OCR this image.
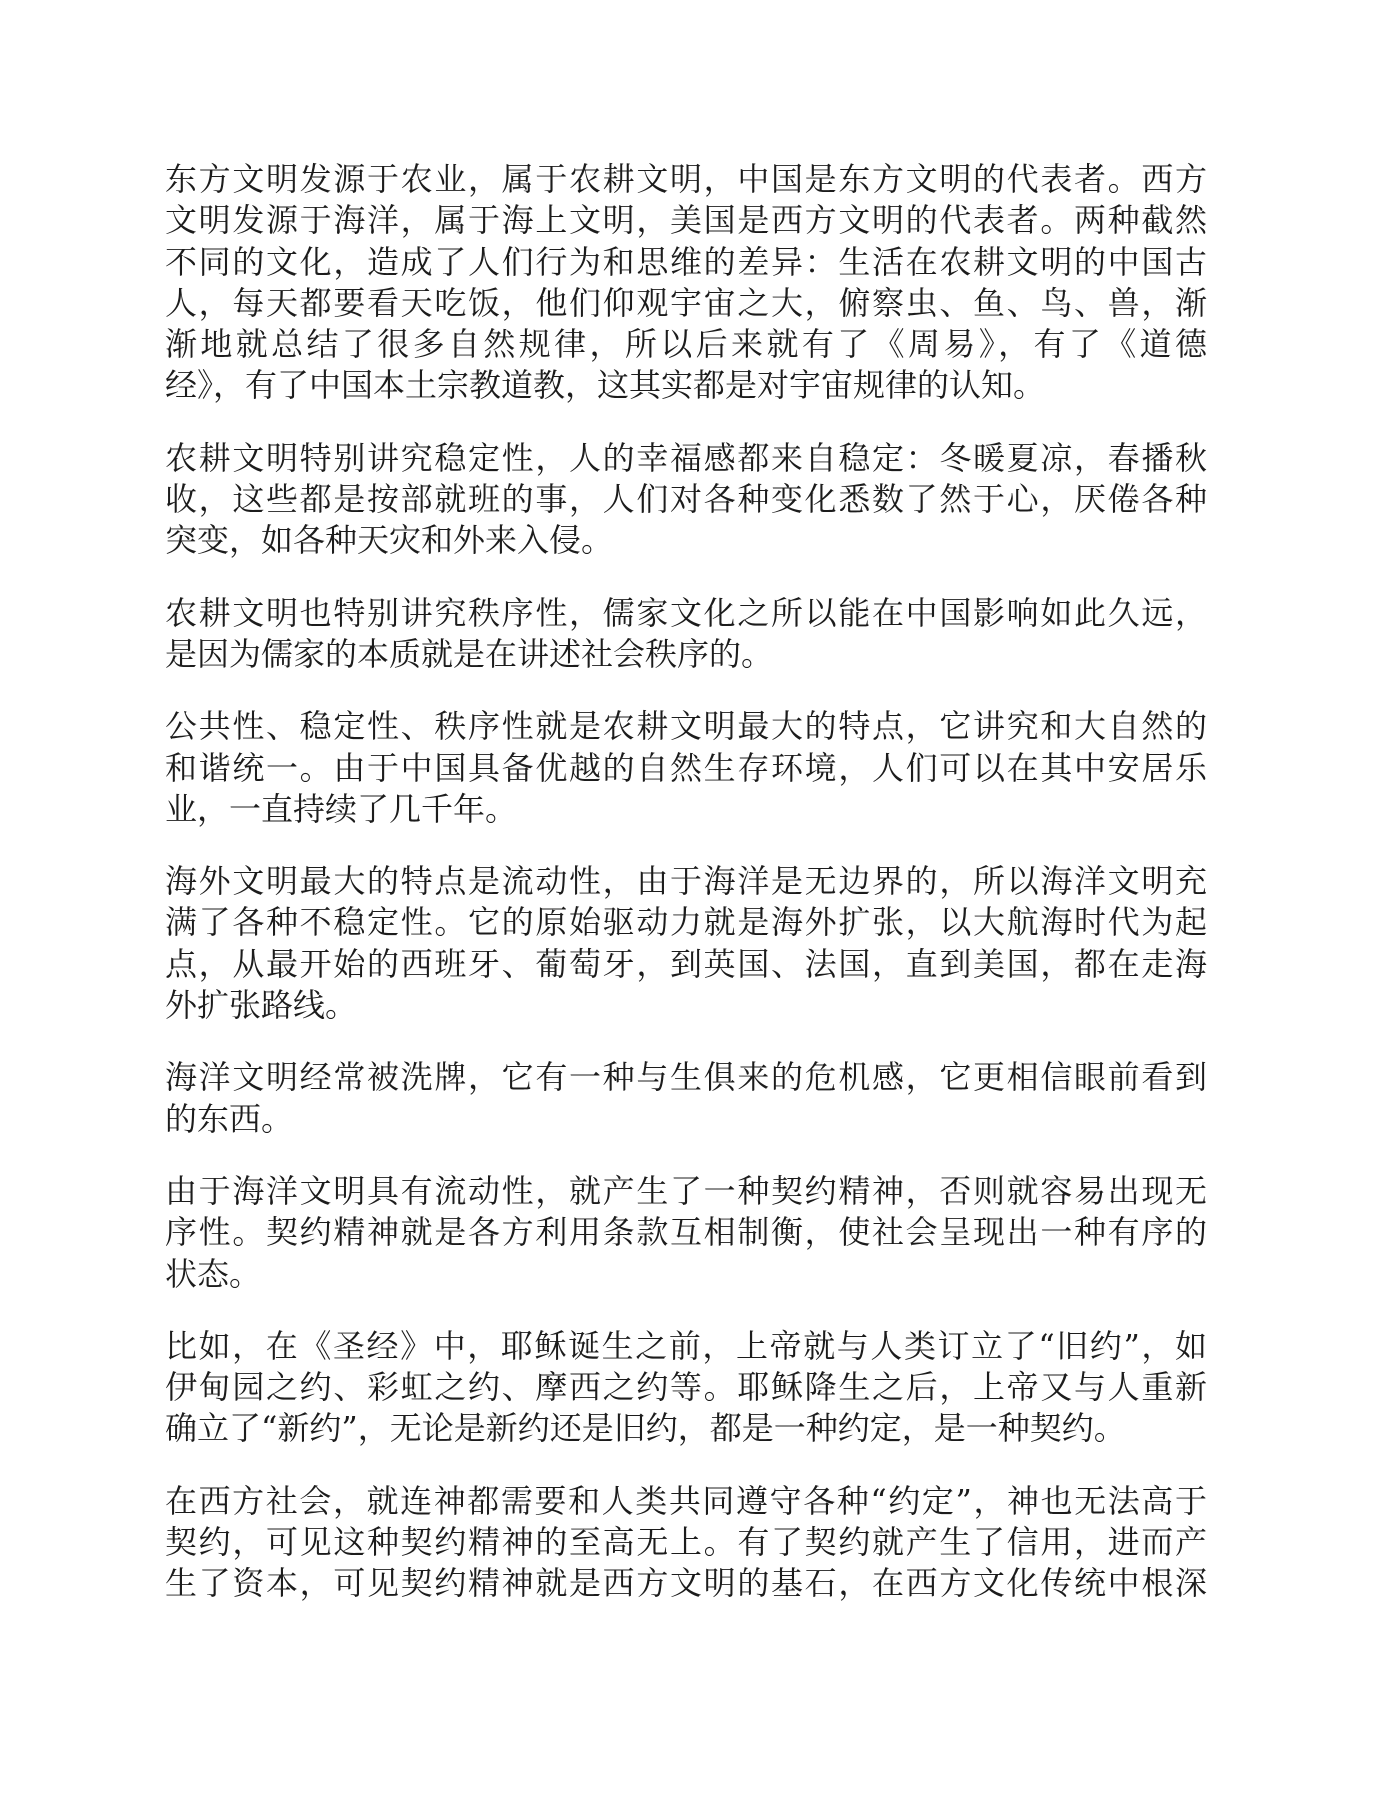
东方文明发源于农业，属于农耕文明，中国是东方文明的代表者。西方
文明发源于海洋，属于海上文明，美国是西方文明的代表者。两种截然
不同的文化，造成了人们行为和思维的差异：生活在农耕文明的中国古
人，每天都要看天吃饭，他们仰观宇宙之大，俯察虫、鱼、鸟、兽，渐
渐地就总结了很多自然规律，所以后来就有了《周易》，有了《道德
经》，有了中国本土宗教道教，这其实都是对宇宙规律的认知。
农耕文明特别讲究稳定性，人的幸福感都来自稳定：冬暖夏凉，春播秋
收，这些都是按部就班的事，人们对各种变化悉数了然于心，厌倦各种
突变，如各种天灾和外来入侵。
农耕文明也特别讲究秩序性，儒家文化之所以能在中国影响如此久远，
是因为儒家的本质就是在讲述社会秩序的。
公共性、稳定性、秩序性就是农耕文明最大的特点，它讲究和大自然的
和谐统一。由于中国具备优越的自然生存环境，人们可以在其中安居乐
业，一直持续了几千年。
海外文明最大的特点是流动性，由于海洋是无边界的，所以海洋文明充
满了各种不稳定性。它的原始驱动力就是海外扩张，以大航海时代为起
点，从最开始的西班牙、葡萄牙，到英国、法国，直到美国，都在走海
外扩张路线。
海洋文明经常被洗牌，它有一种与生俱来的危机感，它更相信眼前看到
的东西。
由于海洋文明具有流动性，就产生了一种契约精神，否则就容易出现无
序性。契约精神就是各方利用条款互相制衡，使社会呈现出一种有序的
状态。
比如，在《圣经》中，耶稣诞生之前，上帝就与人类订立了“旧约”，如
伊甸园之约、彩虹之约、摩西之约等。耶稣降生之后，上帝又与人重新
确立了“新约”，无论是新约还是旧约，都是一种约定，是一种契约。
在西方社会，就连神都需要和人类共同遵守各种“约定”，神也无法高于
契约，可见这种契约精神的至高无上。有了契约就产生了信用，进而产
生了资本，可见契约精神就是西方文明的基石，在西方文化传统中根深
